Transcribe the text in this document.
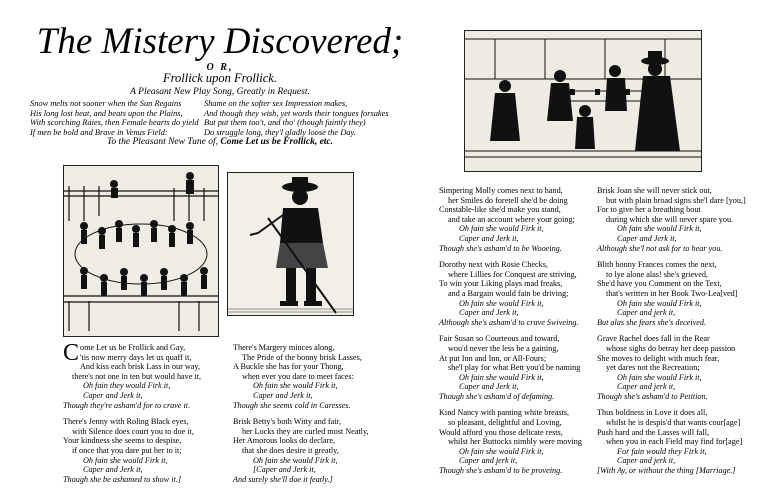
The Mistery Discovered;
O R,
Frollick upon Frollick.
A Pleasant New Play Song, Greatly in Request.
Snow melts not sooner when the Sun Regains
His long lost heat, and beats upon the Plains,
With scorching Raies, then Female hearts do yield
If men be bold and Brave in Venus Field:
Shame on the softer sex Impression makes,
And though they wish, yet words their tongues forsakes
But put them too't, and tho' (though faintly they)
Do struggle long, they'l gladly loose the Day.
To the Pleasant New Tune of, Come Let us be Frollick, etc.
C ome Let us be Frollick and Gay,
'tis now merry days let us quaff it,
And kiss each brisk Lass in our way,
there's not one in ten but would have it,
Oh fain they would Firk it,
Caper and Jerk it,
Though they're asham'd for to crave it.
There's Jenny with Roling Black eyes,
with Silence does court you to doe it,
Your kindness she seems to despise,
if once that you dare put her to it;
Oh fain she would Firk it,
Caper and Jerk it,
Though she be ashamed to show it.]
There's Margery minces along,
The Pride of the bonny brisk Lasses,
A Buckle she has for your Thong,
when ever you dare to meet faces:
Oh fain she would Firk it,
Caper and Jerk it,
Though she seems cold in Caresses.
Brisk Betty's both Witty and fair,
her Locks they are curled most Neatly,
Her Amorous looks do declare,
that she does desire it greatly,
Oh fain she would Firk it,
[Caper and Jerk it,
And surely she'll doe it featly.]
Simpering Molly comes next to hand,
her Smiles do foretell she'd be doing
Constable-like she'd make you stand,
and take an account where your going;
Oh fain she would Firk it,
Caper and Jerk it,
Though she's asham'd to be Wooeing.
Dorothy next with Rosie Checks,
where Lillies for Conquest are striving,
To win your Liking plays mad freaks,
and a Bargain would fain be driving;
Oh fain she would Firk it,
Caper and Jerk it,
Although she's asham'd to crave Swiveing.
Fair Susan so Courteous and toward,
wou'd never the less be a gaining,
At put Inn and Inn, or All-Fours;
she'l play for what Bett you'd be naming
Oh fain she would Firk it,
Caper and Jerk it,
Though she's asham'd of defaming.
Kind Nancy with panting white breasts,
so pleasant, delightful and Loving,
Would afford you those delicate rests,
whilst her Buttocks nimbly were moving
Oh fain she would Firk it,
Caper and jerk it,
Though she's asham'd to be proveing.
Brisk Joan she will never stick out,
but with plain broad signs she'l dare [you,]
For to give her a breathing bout
during which she will never spare you.
Oh fain she would Firk it,
Caper and Jerk it,
Although she'l not ask for to hear you.
Blith bonny Frances comes the next,
to lye alone alas! she's grieved,
She'd have you Comment on the Text,
that's written in her Book Two-Lea[ved]
Oh fain she would Firk it,
Caper and jerk it,
But alas she fears she's deceived.
Grave Rachel does fall in the Rear
whose sighs do betray her deep passion
She moves to delight with much fear,
yet dares not the Recreation;
Oh fain she would Firk it,
Caper and jerk it,
Though she's asham'd to Petition.
Thus boldness in Love it does all,
whilst he is despis'd that wants cour[age]
Push hard and the Lasses will fall,
when you in each Field may find for[age]
For fain would they Firk it,
Caper and jerk it,
[With Ay, or without the thing [Marriage.]
